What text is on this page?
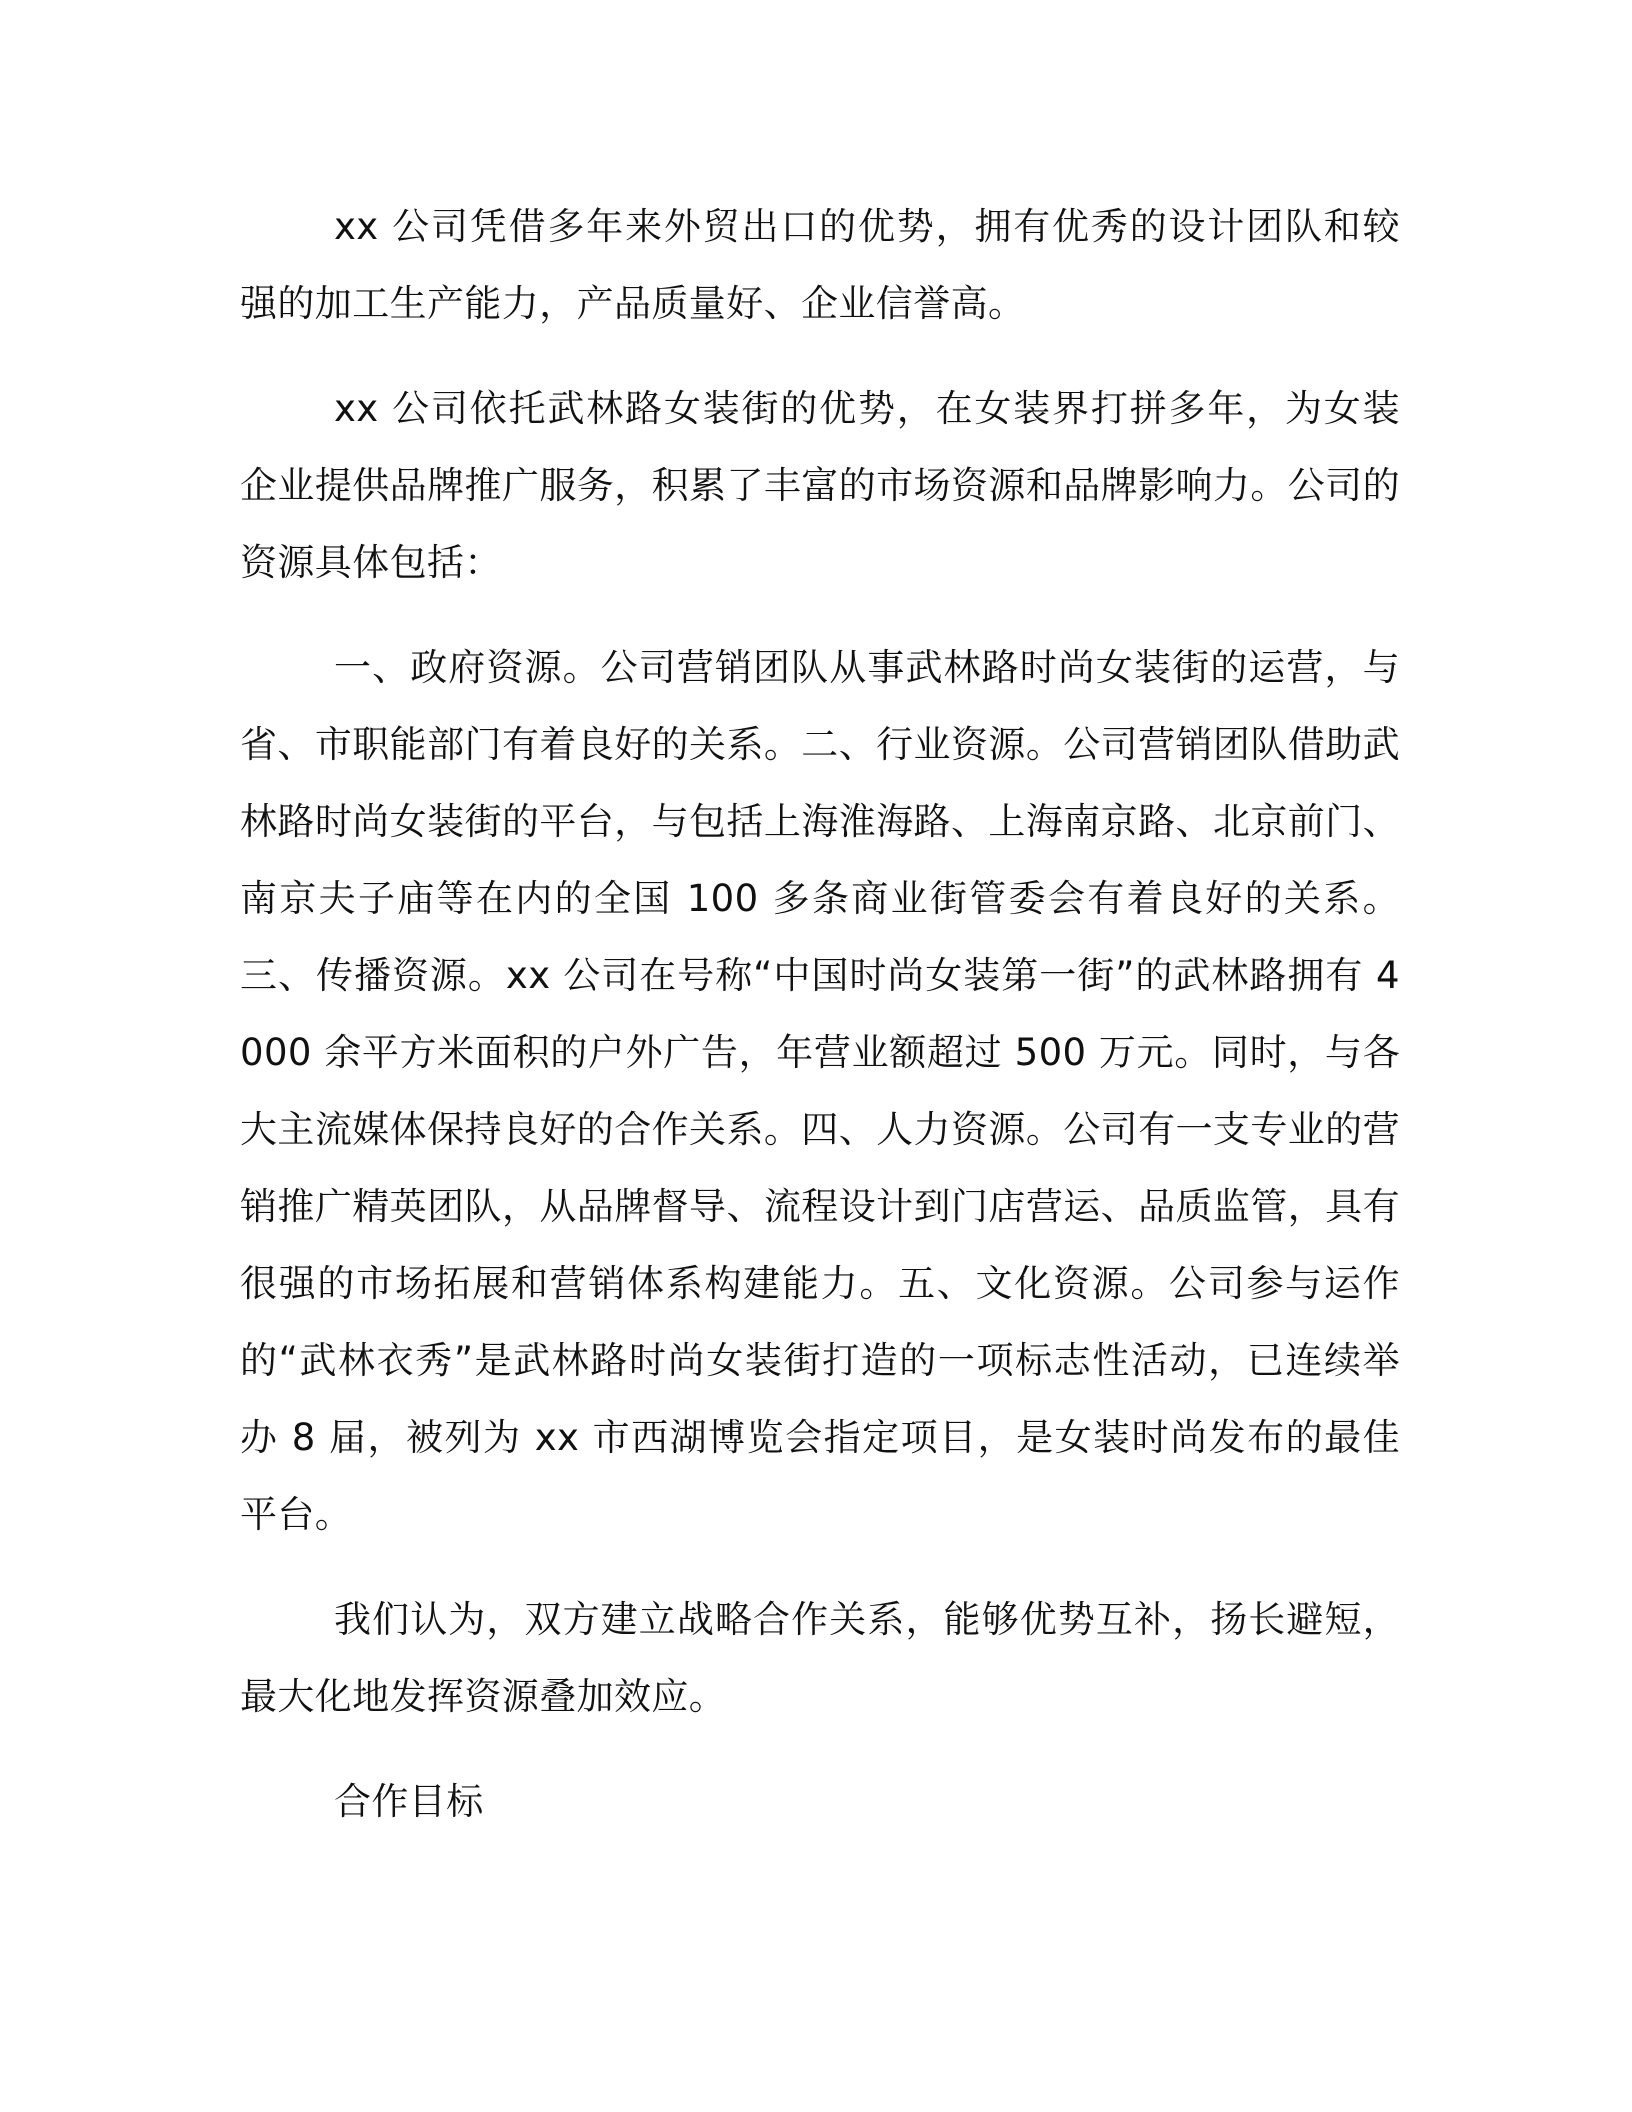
xx 公司凭借多年来外贸出口的优势，拥有优秀的设计团队和较强的加工生产能力，产品质量好、企业信誉高。

xx 公司依托武林路女装街的优势，在女装界打拼多年，为女装企业提供品牌推广服务，积累了丰富的市场资源和品牌影响力。公司的资源具体包括：

一、政府资源。公司营销团队从事武林路时尚女装街的运营，与省、市职能部门有着良好的关系。二、行业资源。公司营销团队借助武林路时尚女装街的平台，与包括上海淮海路、上海南京路、北京前门、南京夫子庙等在内的全国 100 多条商业街管委会有着良好的关系。三、传播资源。xx 公司在号称“中国时尚女装第一街”的武林路拥有 4000 余平方米面积的户外广告，年营业额超过 500 万元。同时，与各大主流媒体保持良好的合作关系。四、人力资源。公司有一支专业的营销推广精英团队，从品牌督导、流程设计到门店营运、品质监管，具有很强的市场拓展和营销体系构建能力。五、文化资源。公司参与运作的“武林衣秀”是武林路时尚女装街打造的一项标志性活动，已连续举办 8 届，被列为 xx 市西湖博览会指定项目，是女装时尚发布的最佳平台。

我们认为，双方建立战略合作关系，能够优势互补，扬长避短，最大化地发挥资源叠加效应。

合作目标
